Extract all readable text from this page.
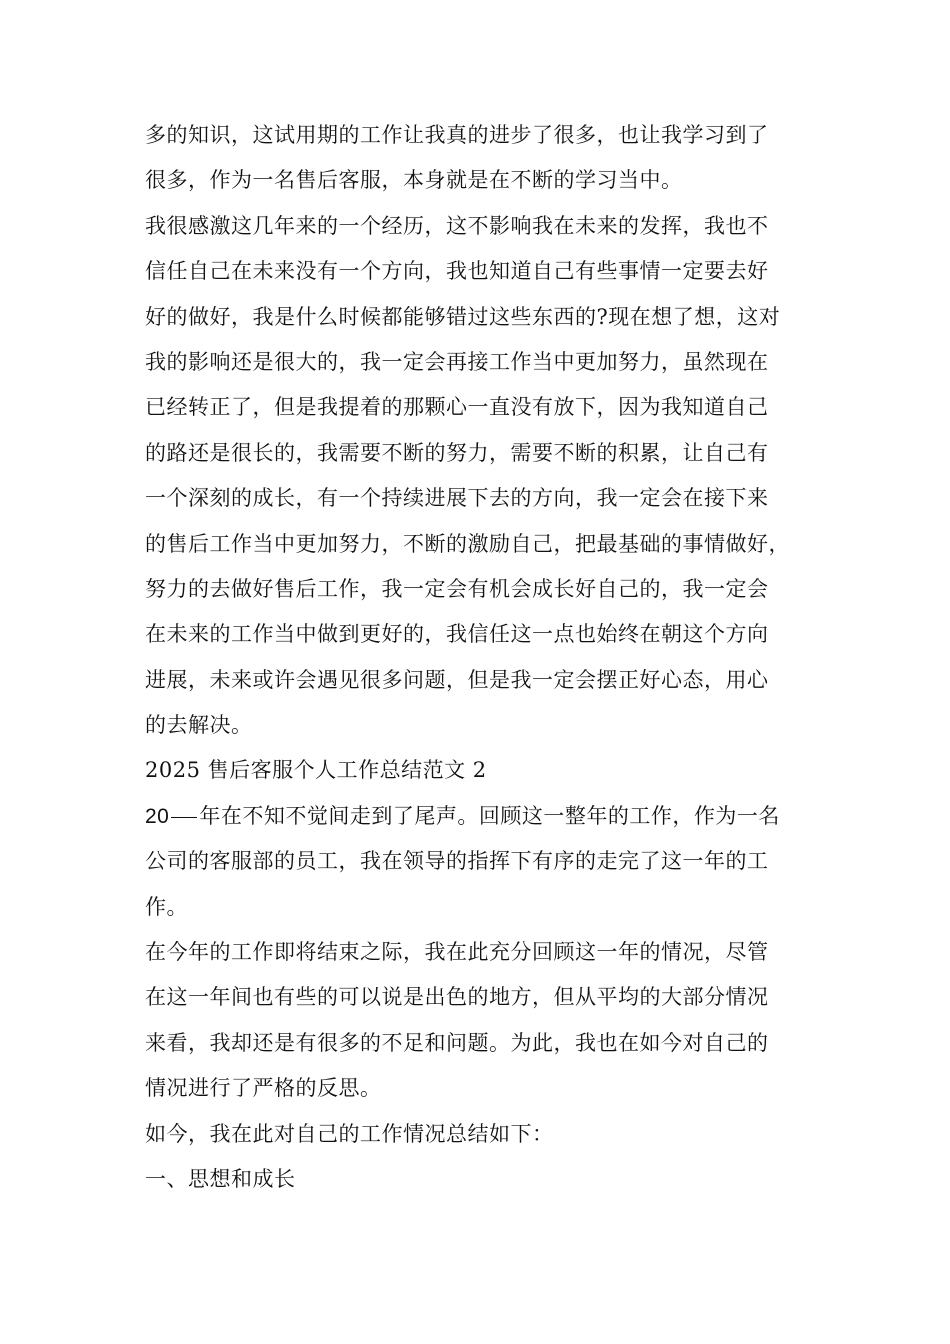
多的知识，这试用期的工作让我真的进步了很多，也让我学习到了
很多，作为一名售后客服，本身就是在不断的学习当中。
我很感激这几年来的一个经历，这不影响我在未来的发挥，我也不
信任自己在未来没有一个方向，我也知道自己有些事情一定要去好
好的做好，我是什么时候都能够错过这些东西的?现在想了想，这对
我的影响还是很大的，我一定会再接工作当中更加努力，虽然现在
已经转正了，但是我提着的那颗心一直没有放下，因为我知道自己
的路还是很长的，我需要不断的努力，需要不断的积累，让自己有
一个深刻的成长，有一个持续进展下去的方向，我一定会在接下来
的售后工作当中更加努力，不断的激励自己，把最基础的事情做好，
努力的去做好售后工作，我一定会有机会成长好自己的，我一定会
在未来的工作当中做到更好的，我信任这一点也始终在朝这个方向
进展，未来或许会遇见很多问题，但是我一定会摆正好心态，用心
的去解决。
2025 售后客服个人工作总结范文 2
20 年在不知不觉间走到了尾声。回顾这一整年的工作，作为一名
公司的客服部的员工，我在领导的指挥下有序的走完了这一年的工
作。
在今年的工作即将结束之际，我在此充分回顾这一年的情况，尽管
在这一年间也有些的可以说是出色的地方，但从平均的大部分情况
来看，我却还是有很多的不足和问题。为此，我也在如今对自己的
情况进行了严格的反思。
如今，我在此对自己的工作情况总结如下：
一、思想和成长
